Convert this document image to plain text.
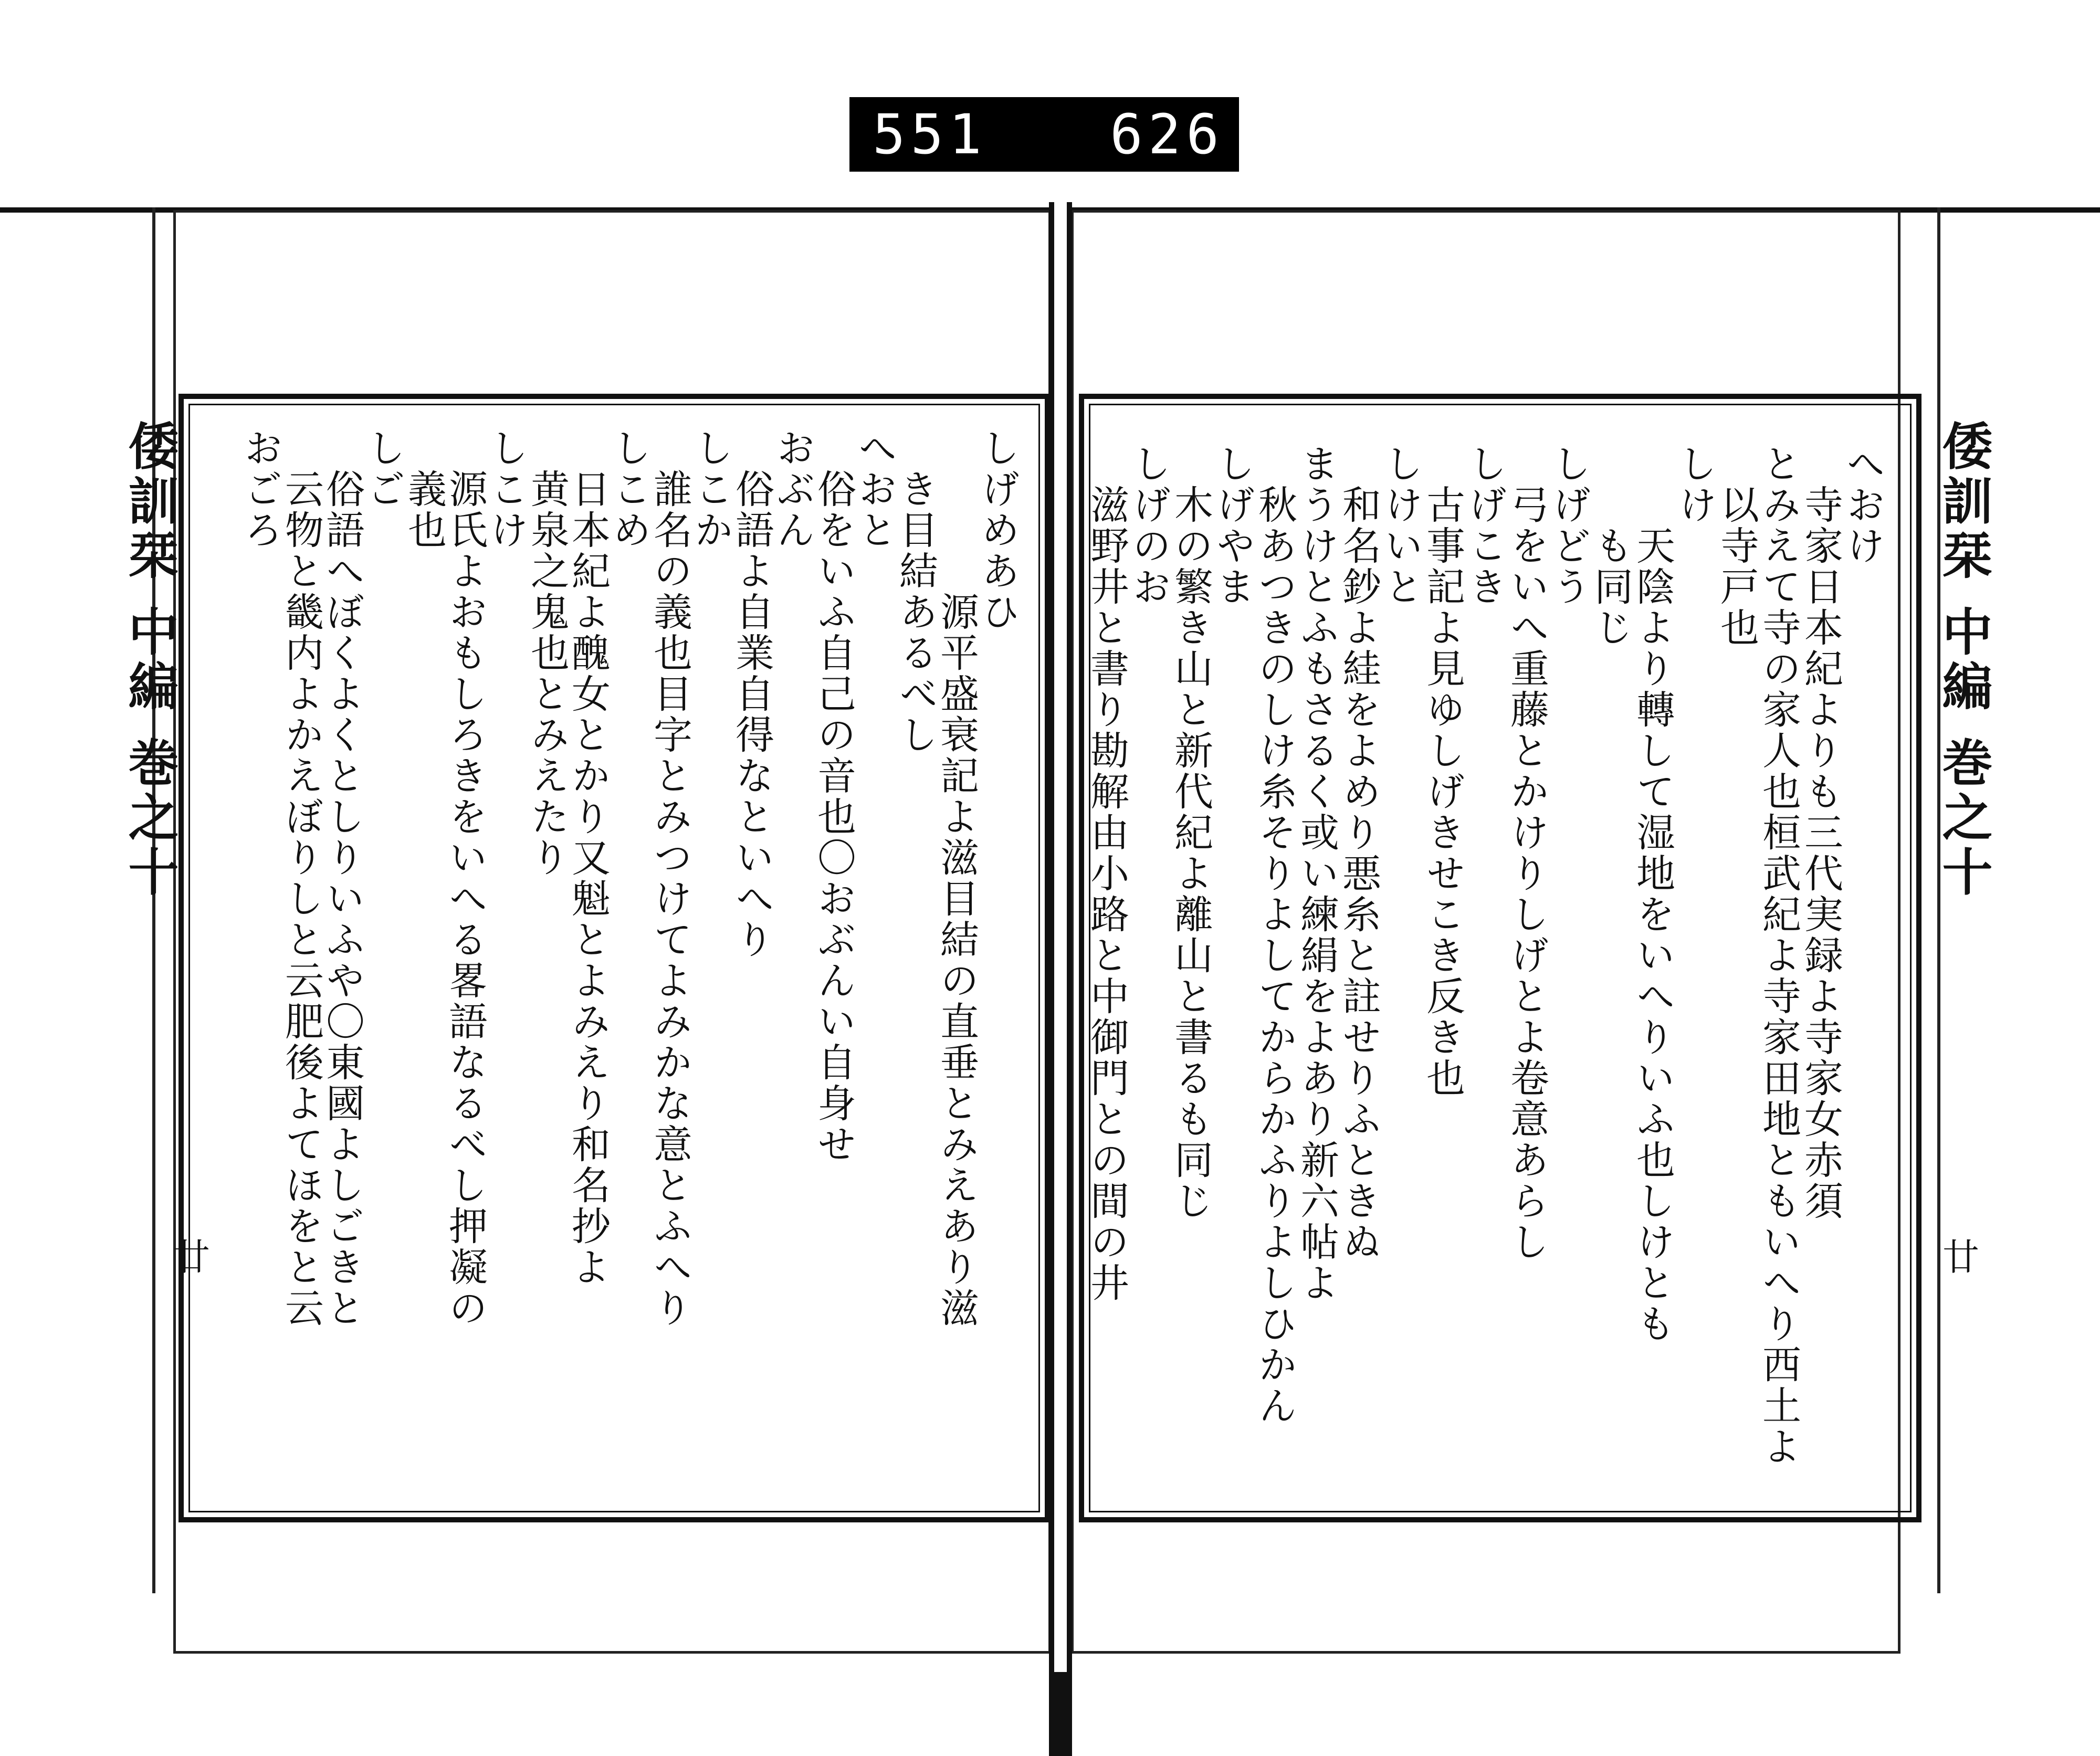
551 626
倭訓栞 中編 巻之十
廿
へおけ
　寺家日本紀よりも三代実録よ寺家女赤須
とみえて寺の家人也桓武紀よ寺家田地ともいへり西土よ
　以寺戸也
しけ
　　天陰より轉して湿地をいへりいふ也しけとも
　　も同じ
しげどう
　弓をいへ重藤とかけりしげとよ卷意あらし
しげこき
　古事記よ見ゆしげきせこき反き也
しけいと
　和名鈔よ絓をよめり悪糸と註せりふときぬ
まうけとふもさるく或い練絹をよあり新六帖よ
　秋あつきのしけ糸そりよしてからかふりよしひかん
しげやま
　木の繁き山と新代紀よ離山と書るも同じ
しげのお
　滋野井と書り勘解由小路と中御門との間の井
倭訓栞 中編 巻之十
廿
しげめあひ
　　　　源平盛衰記よ滋目結の直垂とみえあり滋
　き目結あるべし
へおと
　俗をいふ自己の音也〇おぶんい自身せ
おぶん
　俗語よ自業自得なといへり
しこか
　誰名の義也目字とみつけてよみかな意とふへり
しこめ
　日本紀よ醜女とかり又魁とよみえり和名抄よ
　黄泉之鬼也とみえたり
しこけ
　源氏よおもしろきをいへる畧語なるべし押凝の
　義也
しご
　俗語へぼくよくとしりいふや〇東國よしごきと
　云物と畿内よかえぼりしと云肥後よてほをと云
おごろ
